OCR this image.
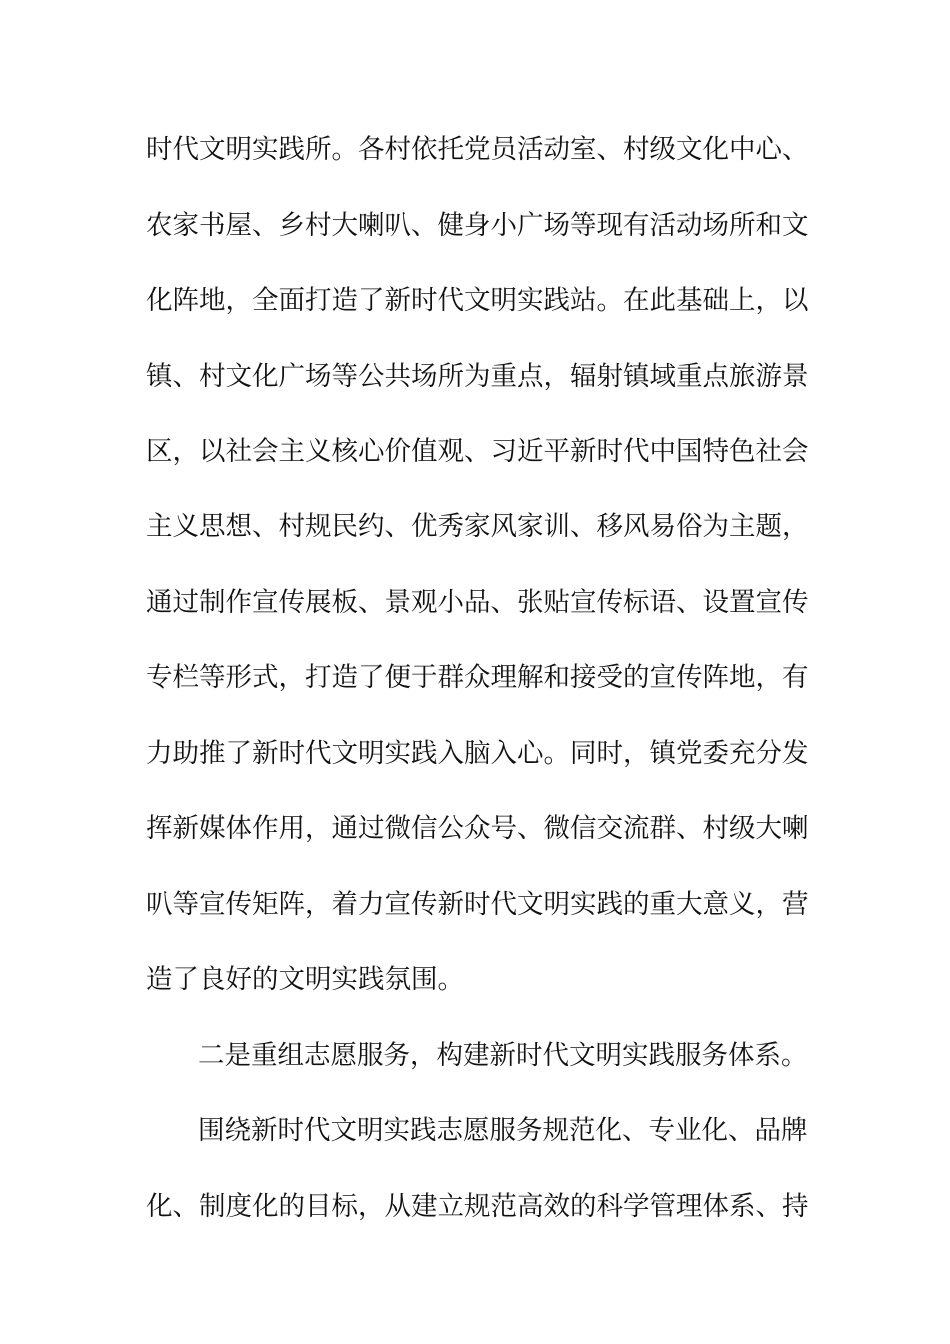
时代文明实践所。各村依托党员活动室、村级文化中心、
农家书屋、乡村大喇叭、健身小广场等现有活动场所和文
化阵地，全面打造了新时代文明实践站。在此基础上，以
镇、村文化广场等公共场所为重点，辐射镇域重点旅游景
区，以社会主义核心价值观、习近平新时代中国特色社会
主义思想、村规民约、优秀家风家训、移风易俗为主题，
通过制作宣传展板、景观小品、张贴宣传标语、设置宣传
专栏等形式，打造了便于群众理解和接受的宣传阵地，有
力助推了新时代文明实践入脑入心。同时，镇党委充分发
挥新媒体作用，通过微信公众号、微信交流群、村级大喇
叭等宣传矩阵，着力宣传新时代文明实践的重大意义，营
造了良好的文明实践氛围。
二是重组志愿服务，构建新时代文明实践服务体系。
围绕新时代文明实践志愿服务规范化、专业化、品牌
化、制度化的目标，从建立规范高效的科学管理体系、持
